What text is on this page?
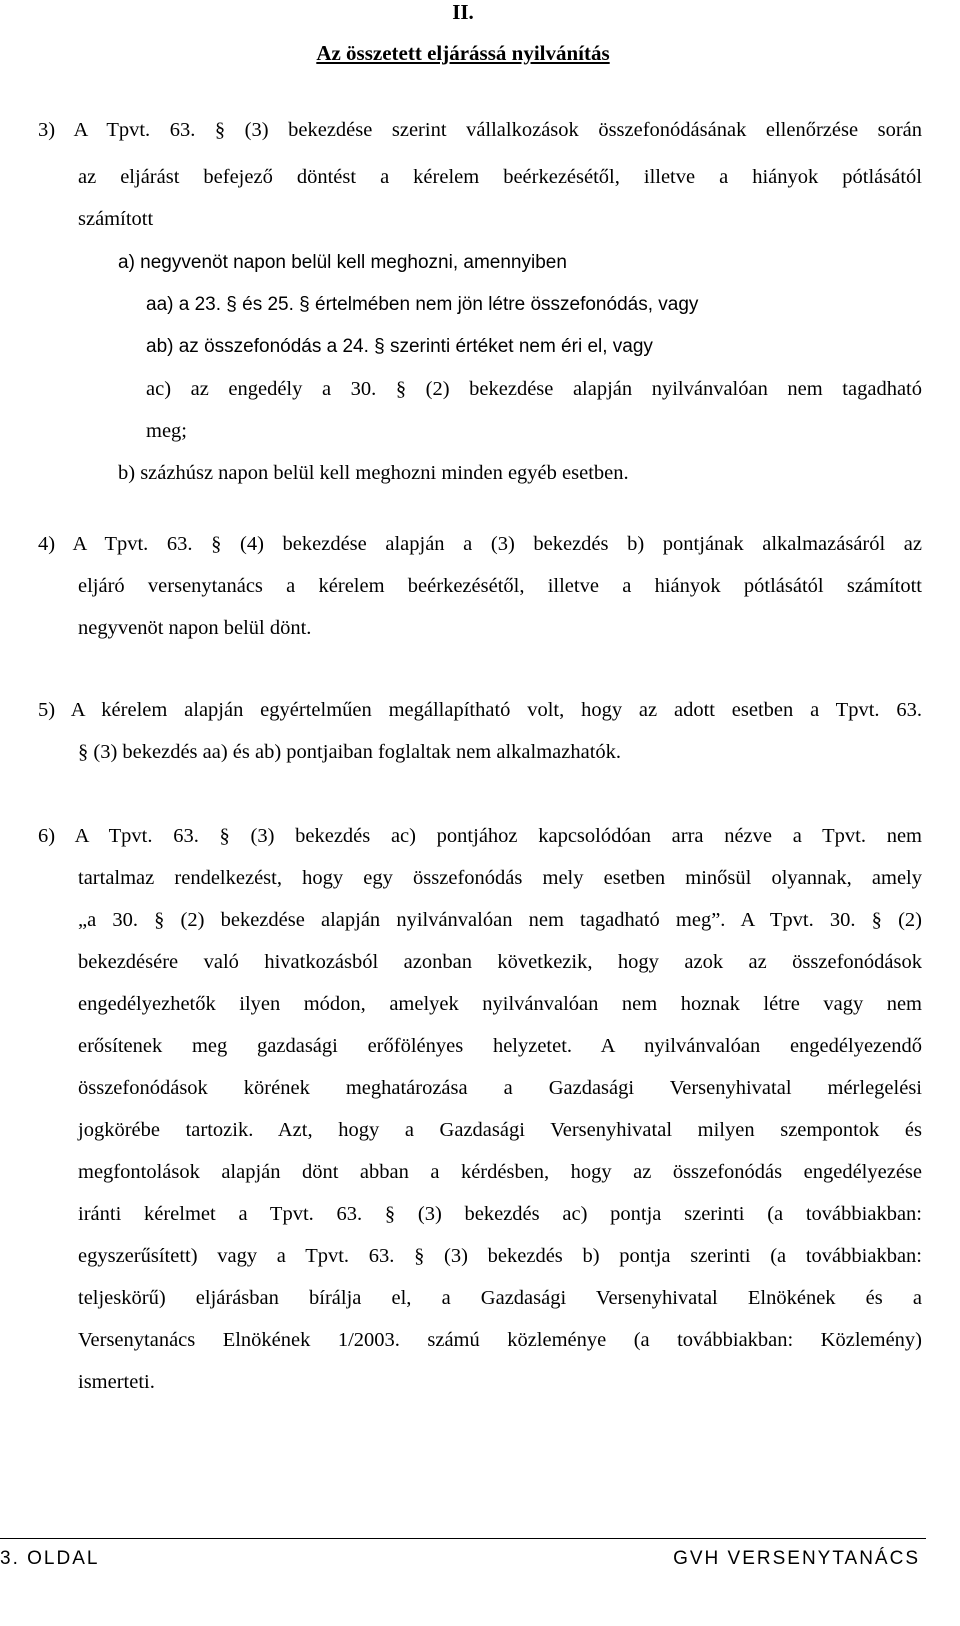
II.
Az összetett eljárássá nyilvánítás
3) A Tpvt. 63. § (3) bekezdése szerint vállalkozások összefonódásának ellenőrzése során
az eljárást befejező döntést a kérelem beérkezésétől, illetve a hiányok pótlásától
számított
a) negyvenöt napon belül kell meghozni, amennyiben
aa) a 23. § és 25. § értelmében nem jön létre összefonódás, vagy
ab) az összefonódás a 24. § szerinti értéket nem éri el, vagy
ac) az engedély a 30. § (2) bekezdése alapján nyilvánvalóan nem tagadható
meg;
b) százhúsz napon belül kell meghozni minden egyéb esetben.
4) A Tpvt. 63. § (4) bekezdése alapján a (3) bekezdés b) pontjának alkalmazásáról az
eljáró versenytanács a kérelem beérkezésétől, illetve a hiányok pótlásától számított
negyvenöt napon belül dönt.
5) A kérelem alapján egyértelműen megállapítható volt, hogy az adott esetben a Tpvt. 63.
§ (3) bekezdés aa) és ab) pontjaiban foglaltak nem alkalmazhatók.
6) A Tpvt. 63. § (3) bekezdés ac) pontjához kapcsolódóan arra nézve a Tpvt. nem
tartalmaz rendelkezést, hogy egy összefonódás mely esetben minősül olyannak, amely
„a 30. § (2) bekezdése alapján nyilvánvalóan nem tagadható meg”. A Tpvt. 30. § (2)
bekezdésére való hivatkozásból azonban következik, hogy azok az összefonódások
engedélyezhetők ilyen módon, amelyek nyilvánvalóan nem hoznak létre vagy nem
erősítenek meg gazdasági erőfölényes helyzetet. A nyilvánvalóan engedélyezendő
összefonódások körének meghatározása a Gazdasági Versenyhivatal mérlegelési
jogkörébe tartozik. Azt, hogy a Gazdasági Versenyhivatal milyen szempontok és
megfontolások alapján dönt abban a kérdésben, hogy az összefonódás engedélyezése
iránti kérelmet a Tpvt. 63. § (3) bekezdés ac) pontja szerinti (a továbbiakban:
egyszerűsített) vagy a Tpvt. 63. § (3) bekezdés b) pontja szerinti (a továbbiakban:
teljeskörű) eljárásban bírálja el, a Gazdasági Versenyhivatal Elnökének és a
Versenytanács Elnökének 1/2003. számú közleménye (a továbbiakban: Közlemény)
ismerteti.
3. OLDAL	GVH VERSENYTANÁCS
